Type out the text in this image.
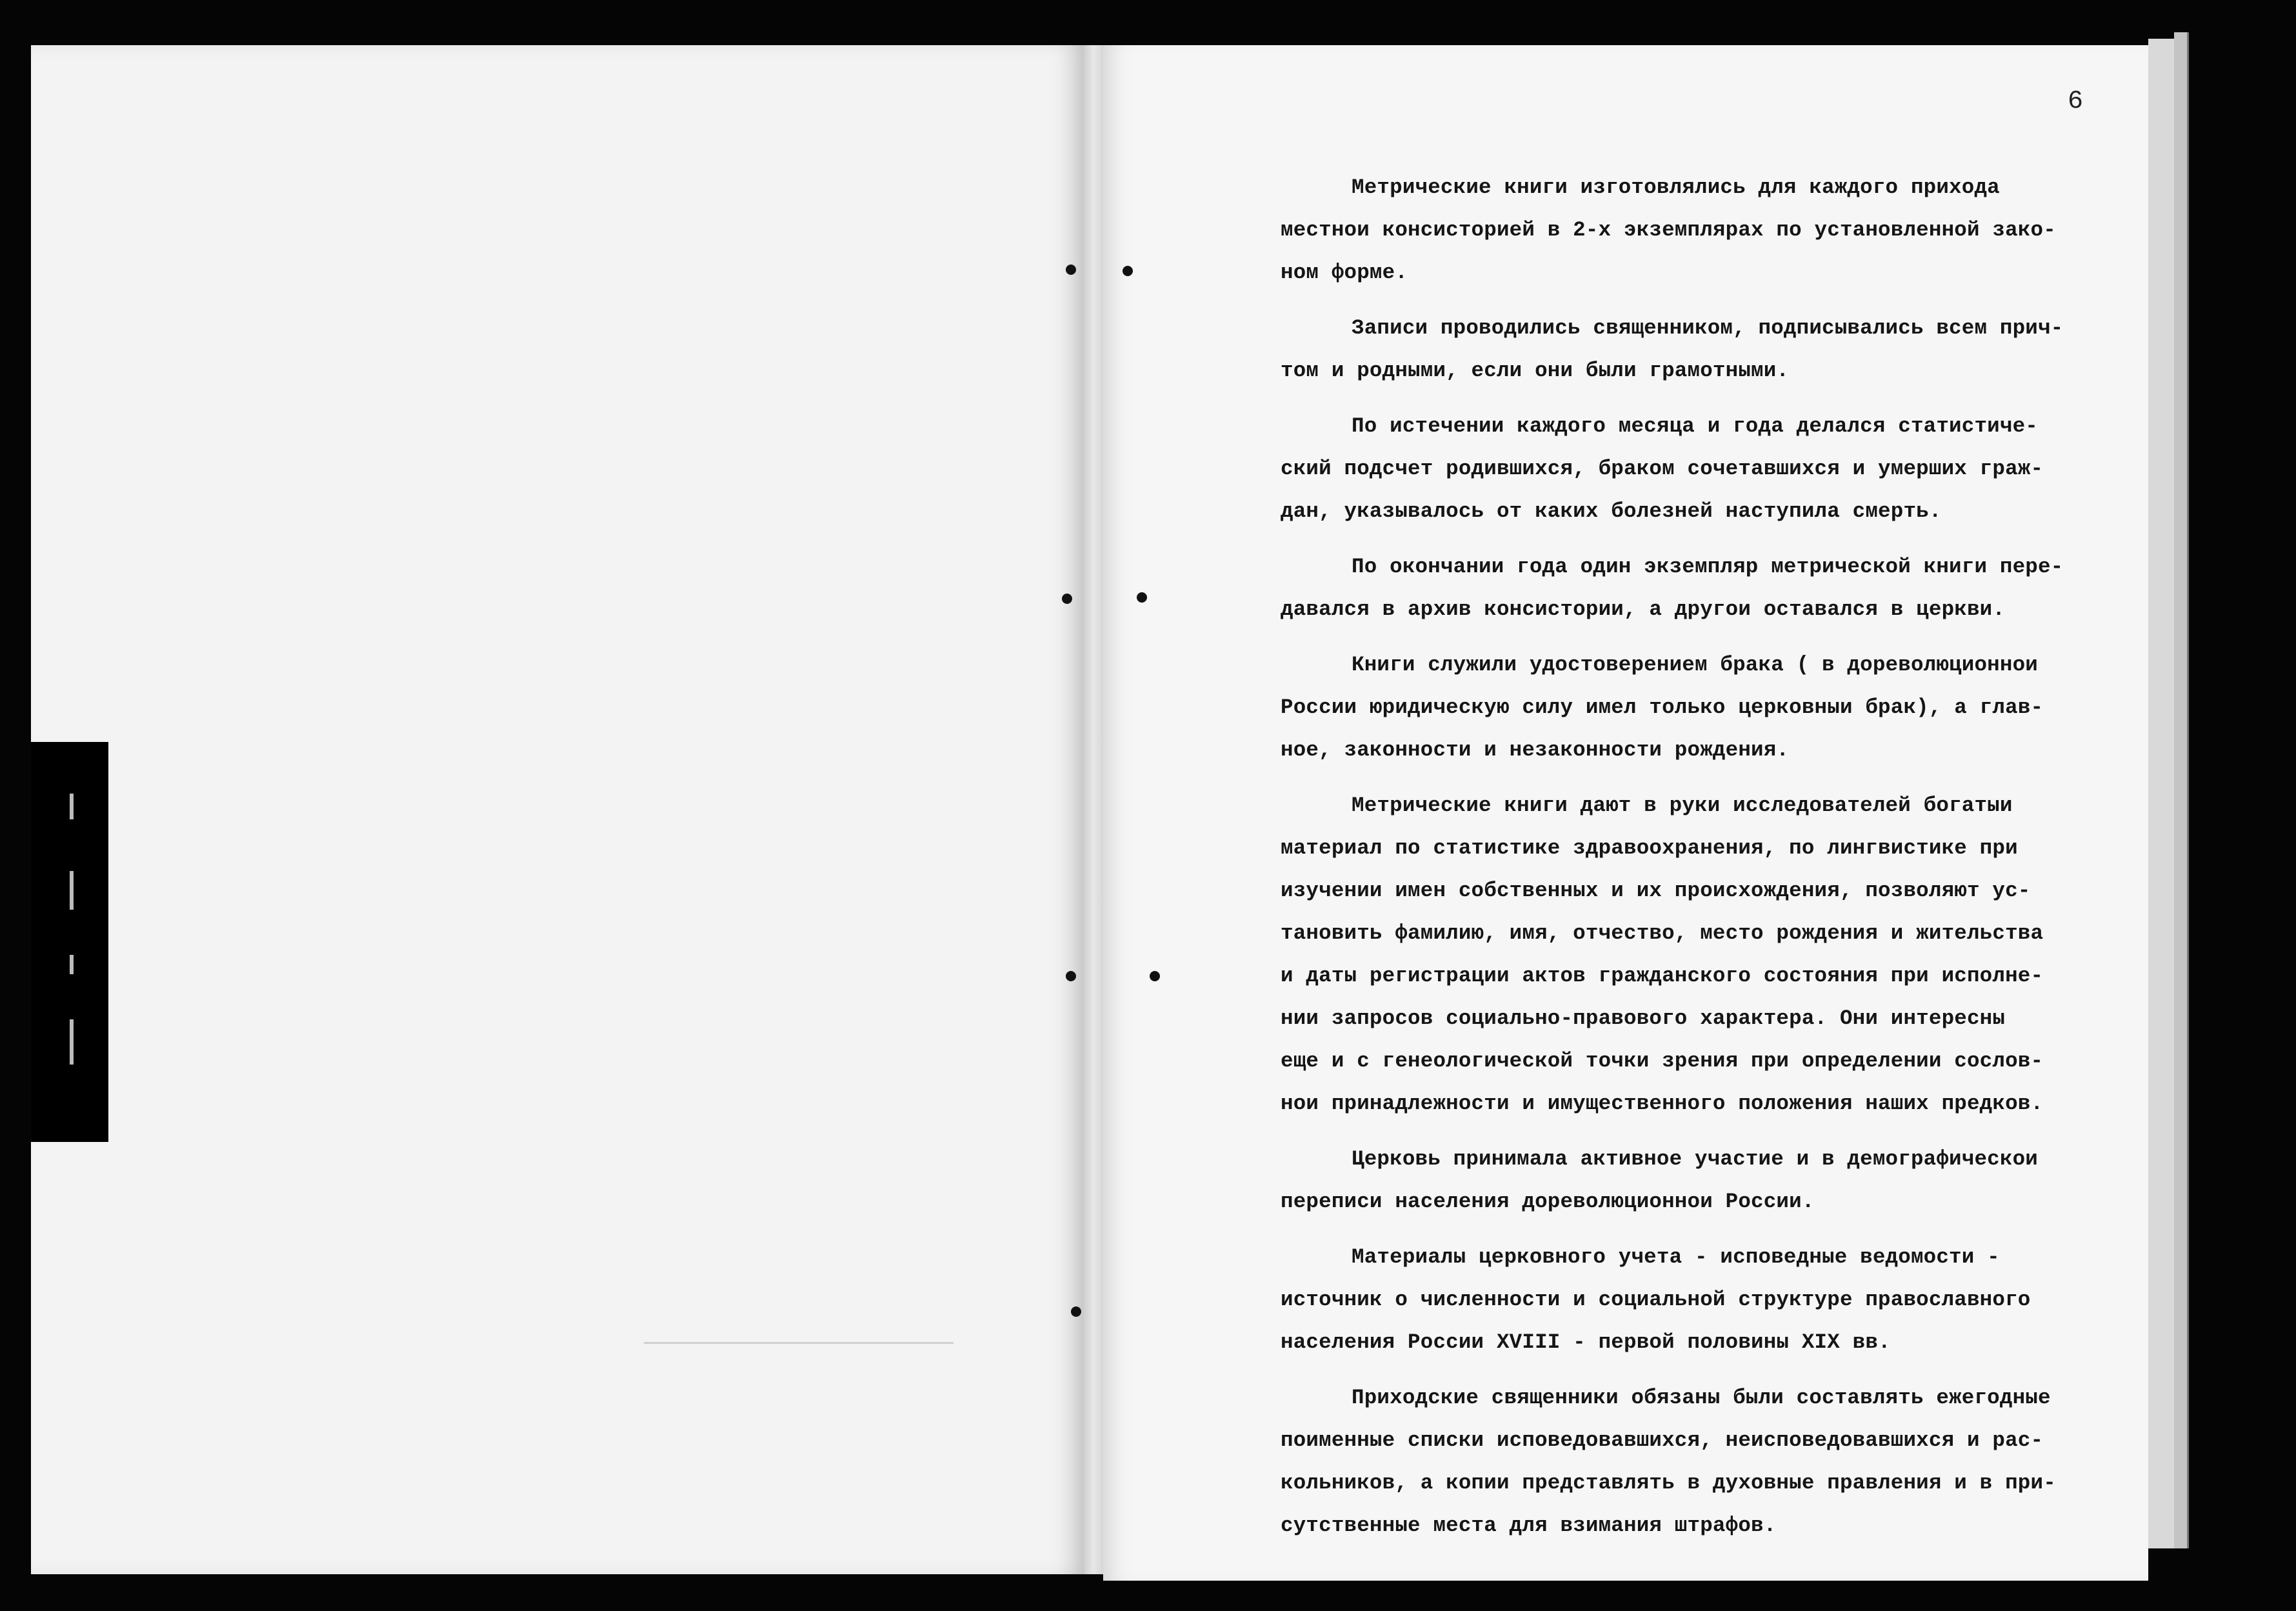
6

Метрические книги изготовлялись для каждого прихода
местнои консисторией в 2-х экземплярах по установленной зако-
ном форме.

Записи проводились священником, подписывались всем прич-
том и родными, если они были грамотными.

По истечении каждого месяца и года делался статистиче-
ский подсчет родившихся, браком сочетавшихся и умерших граж-
дан, указывалось от каких болезней наступила смерть.

По окончании года один экземпляр метрической книги пере-
давался в архив консистории, а другои оставался в церкви.

Книги служили удостоверением брака ( в дореволюционнои
России юридическую силу имел только церковныи брак), а глав-
ное, законности и незаконности рождения.

Метрические книги дают в руки исследователей богатыи
материал по статистике здравоохранения, по лингвистике при
изучении имен собственных и их происхождения, позволяют ус-
тановить фамилию, имя, отчество, место рождения и жительства
и даты регистрации актов гражданского состояния при исполне-
нии запросов социально-правового характера. Они интересны
еще и с генеологической точки зрения при определении сослов-
нои принадлежности и имущественного положения наших предков.

Церковь принимала активное участие и в демографическои
переписи населения дореволюционнои России.

Материалы церковного учета - исповедные ведомости -
источник о численности и социальной структуре православного
населения России XVIII - первой половины XIX вв.

Приходские священники обязаны были составлять ежегодные
поименные списки исповедовавшихся, неисповедовавшихся и рас-
кольников, а копии представлять в духовные правления и в при-
сутственные места для взимания штрафов.
